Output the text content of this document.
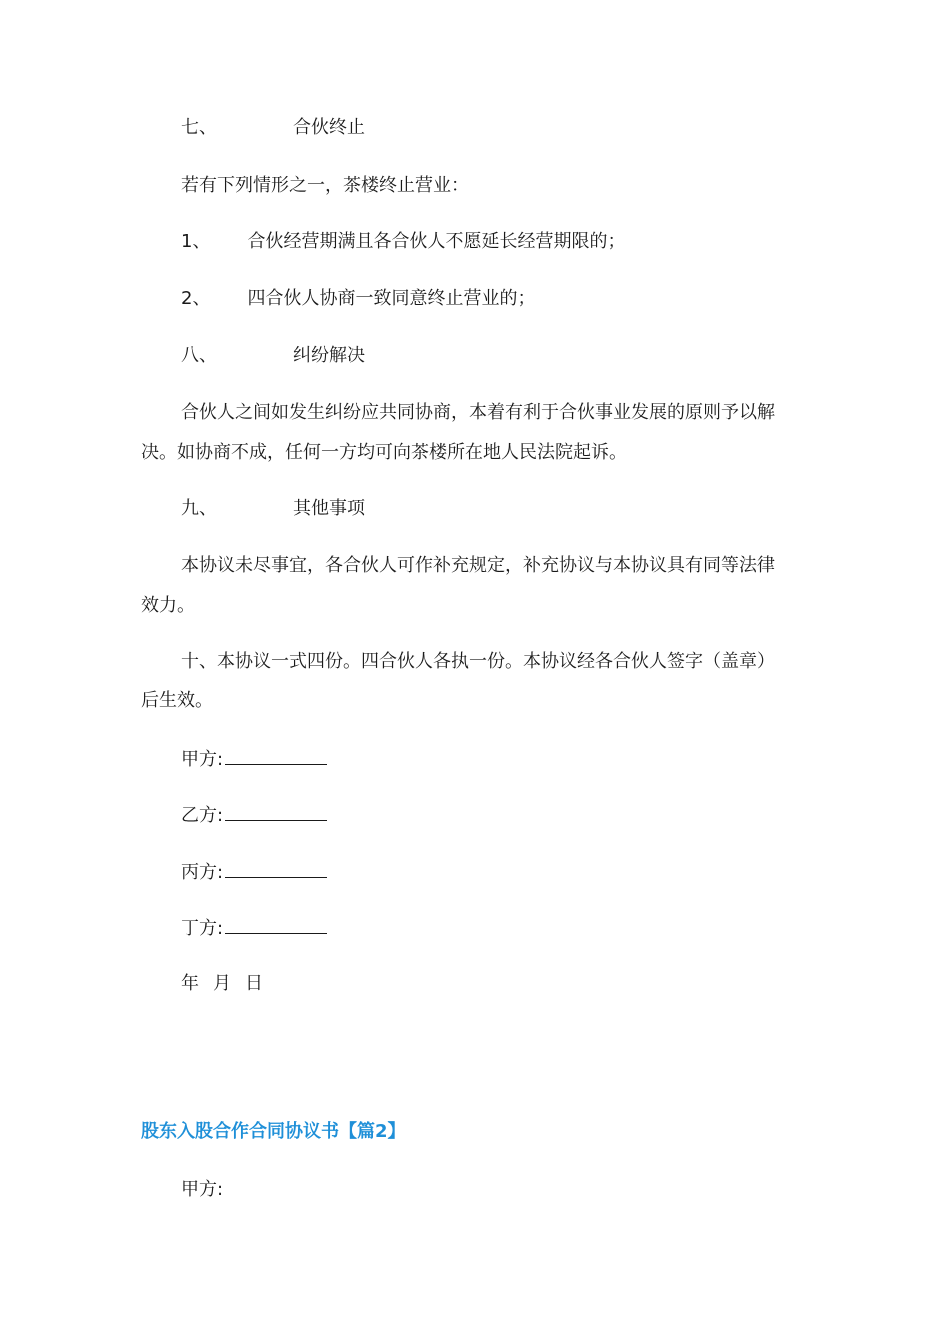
七、	合伙终止
若有下列情形之一，茶楼终止营业：
1、 合伙经营期满且各合伙人不愿延长经营期限的；
2、 四合伙人协商一致同意终止营业的；
八、	纠纷解决
合伙人之间如发生纠纷应共同协商，本着有利于合伙事业发展的原则予以解
决。如协商不成，任何一方均可向茶楼所在地人民法院起诉。
九、	其他事项
本协议未尽事宜，各合伙人可作补充规定，补充协议与本协议具有同等法律
效力。
十、本协议一式四份。四合伙人各执一份。本协议经各合伙人签字（盖章）
后生效。
甲方:
乙方:
丙方:
丁方:
年 月 日
股东入股合作合同协议书【篇2】
甲方:
